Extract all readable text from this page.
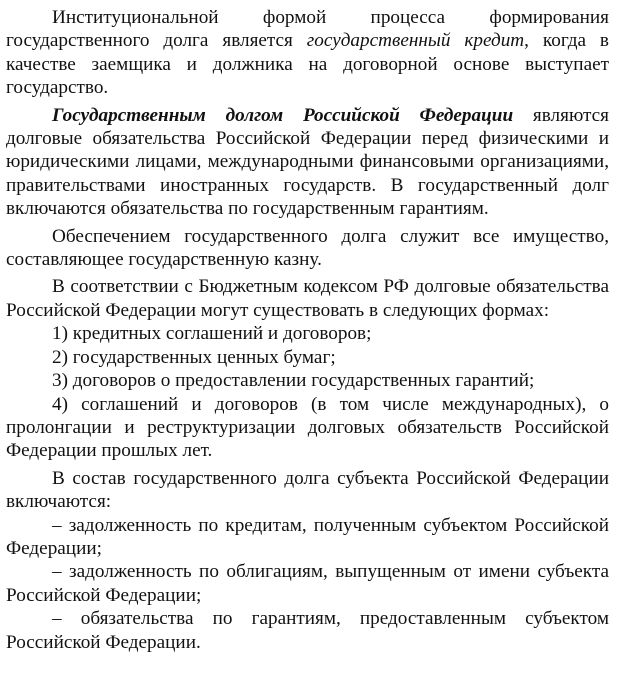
Институциональной формой процесса формирования государственного долга является государственный кредит, когда в качестве заемщика и должника на договорной основе выступает государство.

Государственным долгом Российской Федерации являются долговые обязательства Российской Федерации перед физическими и юридическими лицами, международными финансовыми организациями, правительствами иностранных государств. В государственный долг включаются обязательства по государственным гарантиям.

Обеспечением государственного долга служит все имущество, составляющее государственную казну.

В соответствии с Бюджетным кодексом РФ долговые обязательства Российской Федерации могут существовать в следующих формах:

1) кредитных соглашений и договоров;

2) государственных ценных бумаг;

3) договоров о предоставлении государственных гарантий;

4) соглашений и договоров (в том числе международных), о пролонгации и реструктуризации долговых обязательств Российской Федерации прошлых лет.

В состав государственного долга субъекта Российской Федерации включаются:

– задолженность по кредитам, полученным субъектом Российской Федерации;

– задолженность по облигациям, выпущенным от имени субъекта Российской Федерации;

– обязательства по гарантиям, предоставленным субъектом Российской Федерации.
